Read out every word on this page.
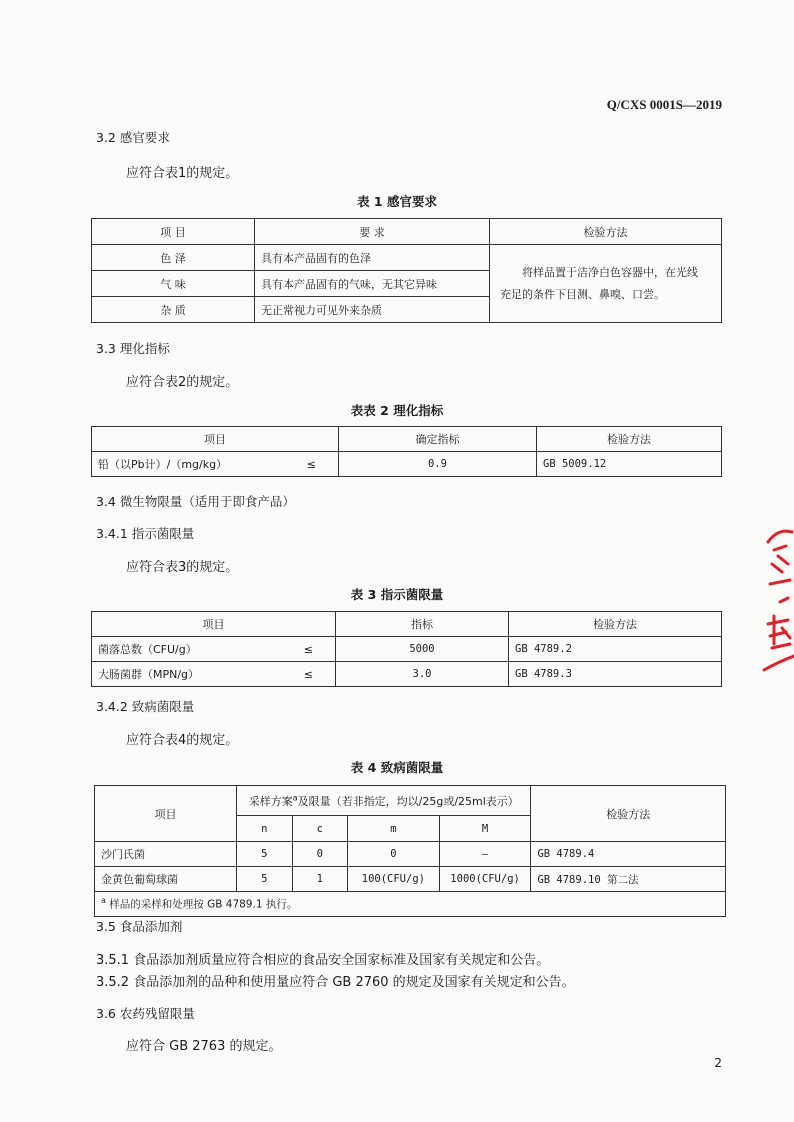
Q/CXS 0001S—2019
3.2 感官要求
应符合表1的规定。
表 1 感官要求
项 目	要 求	检验方法
色 泽	具有本产品固有的色泽	将样品置于洁净白色容器中，在光线
充足的条件下目测、鼻嗅、口尝。

气 味	具有本产品固有的气味，无其它异味	
杂 质	无正常视力可见外来杂质	
3.3 理化指标
应符合表2的规定。
表表 2 理化指标
项目		确定指标	检验方法
铅（以Pb计）/（mg/kg）	≤	0.9	GB 5009.12
3.4 微生物限量（适用于即食产品）
3.4.1 指示菌限量
应符合表3的规定。
表 3 指示菌限量
项目		指标	检验方法
菌落总数（CFU/g）	≤	5000	GB 4789.2
大肠菌群（MPN/g）	≤	3.0	GB 4789.3
3.4.2 致病菌限量
应符合表4的规定。
表 4 致病菌限量
项目	采样方案$^a$及限量（若非指定，均以/25g或/25ml表示）				检验方法
	n	c	m	M	
沙门氏菌	5	0	0	—	GB 4789.4
金黄色葡萄球菌	5	1	100(CFU/g)	1000(CFU/g)	GB 4789.10 第二法
$^a$ 样品的采样和处理按 GB 4789.1 执行。					
3.5 食品添加剂
3.5.1 食品添加剂质量应符合相应的食品安全国家标准及国家有关规定和公告。
3.5.2 食品添加剂的品种和使用量应符合 GB 2760 的规定及国家有关规定和公告。
3.6 农药残留限量
应符合 GB 2763 的规定。
2
